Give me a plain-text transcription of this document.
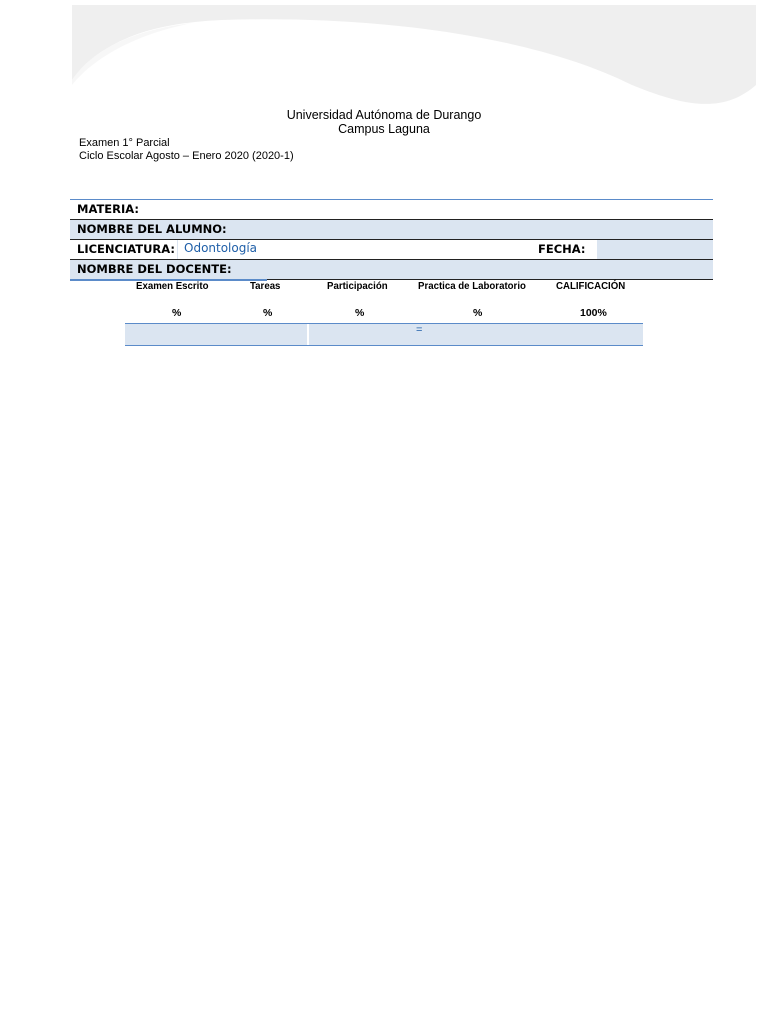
Universidad Autónoma de Durango
Campus Laguna
Examen 1° Parcial
Ciclo Escolar Agosto – Enero 2020 (2020-1)
MATERIA:
NOMBRE DEL ALUMNO:
LICENCIATURA: Odontología	FECHA:
NOMBRE DEL DOCENTE:
Examen Escrito	Tareas	Participación	Practica de Laboratorio	CALIFICACIÓN
%	%	%	%	100%
=
